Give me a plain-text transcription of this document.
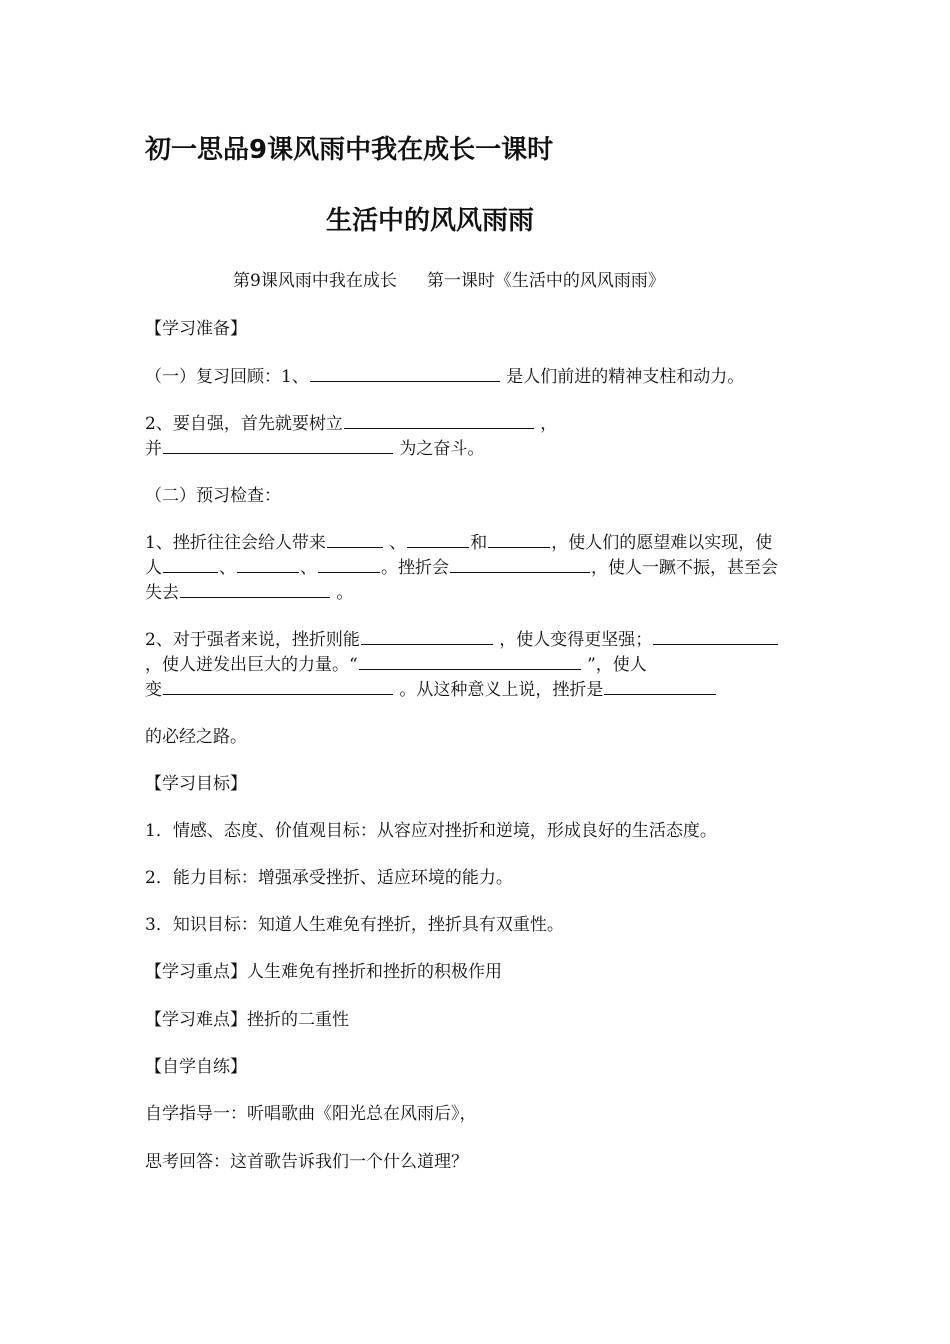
初一思品9课风雨中我在成长一课时
生活中的风风雨雨
第9课风雨中我在成长 第一课时《生活中的风风雨雨》
【学习准备】
（一）复习回顾：1、	是人们前进的精神支柱和动力。
2、要自强，首先就要树立	，
并	为之奋斗。
（二）预习检查：
1、挫折往往会给人带来	、	和	，使人们的愿望难以实现，使
人	、	、	。挫折会	，使人一蹶不振，甚至会
失去	。
2、对于强者来说，挫折则能	，使人变得更坚强；
，使人迸发出巨大的力量。“	”，使人
变	。从这种意义上说，挫折是
的必经之路。
【学习目标】
1．情感、态度、价值观目标：从容应对挫折和逆境，形成良好的生活态度。
2．能力目标：增强承受挫折、适应环境的能力。
3．知识目标：知道人生难免有挫折，挫折具有双重性。
【学习重点】人生难免有挫折和挫折的积极作用
【学习难点】挫折的二重性
【自学自练】
自学指导一：听唱歌曲《阳光总在风雨后》，
思考回答：这首歌告诉我们一个什么道理？
